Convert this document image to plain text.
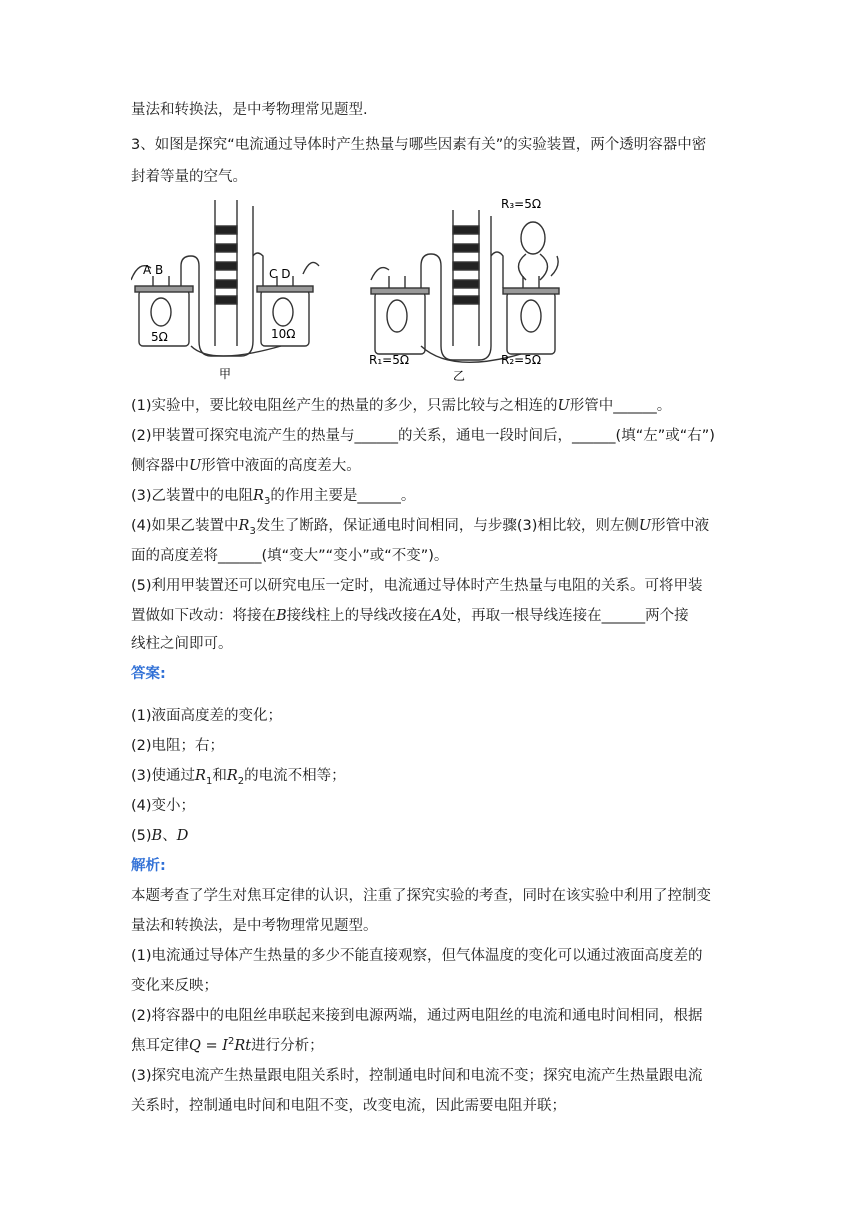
量法和转换法，是中考物理常见题型.
3、如图是探究“电流通过导体时产生热量与哪些因素有关”的实验装置，两个透明容器中密
封着等量的空气。
A B	C D
5Ω	10Ω
甲
R₃=5Ω
R₁=5Ω	R₂=5Ω
乙
(1)实验中，要比较电阻丝产生的热量的多少，只需比较与之相连的U形管中______。
(2)甲装置可探究电流产生的热量与______的关系，通电一段时间后，______(填“左”或“右”)
侧容器中U形管中液面的高度差大。
(3)乙装置中的电阻$R_3$的作用主要是______。
(4)如果乙装置中$R_3$发生了断路，保证通电时间相同，与步骤(3)相比较，则左侧U形管中液
面的高度差将______(填“变大”“变小”或“不变”)。
(5)利用甲装置还可以研究电压一定时，电流通过导体时产生热量与电阻的关系。可将甲装
置做如下改动：将接在B接线柱上的导线改接在A处，再取一根导线连接在______两个接
线柱之间即可。
答案:
(1)液面高度差的变化；
(2)电阻；右；
(3)使通过$R_1$和$R_2$的电流不相等；
(4)变小；
(5)B、D
解析:
本题考查了学生对焦耳定律的认识，注重了探究实验的考查，同时在该实验中利用了控制变
量法和转换法，是中考物理常见题型。
(1)电流通过导体产生热量的多少不能直接观察，但气体温度的变化可以通过液面高度差的
变化来反映；
(2)将容器中的电阻丝串联起来接到电源两端，通过两电阻丝的电流和通电时间相同，根据
焦耳定律$Q = I^2Rt$进行分析；
(3)探究电流产生热量跟电阻关系时，控制通电时间和电流不变；探究电流产生热量跟电流
关系时，控制通电时间和电阻不变，改变电流，因此需要电阻并联；
